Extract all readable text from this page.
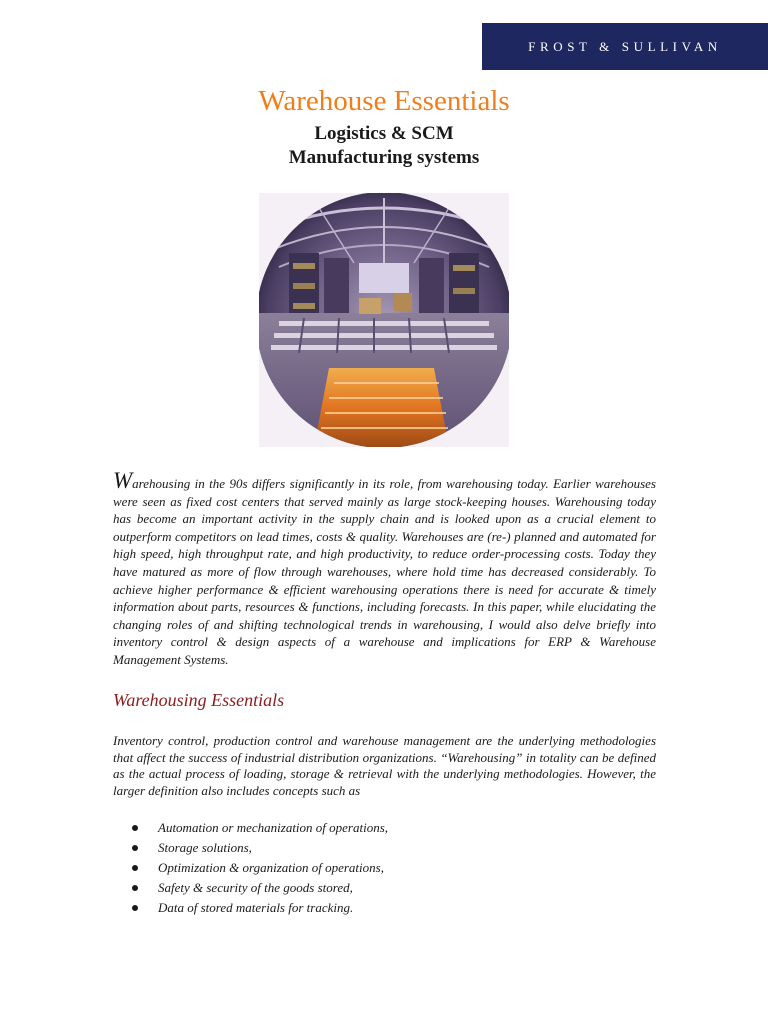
FROST & SULLIVAN
Warehouse Essentials
Logistics & SCM
Manufacturing systems

Warehousing in the 90s differs significantly in its role, from warehousing today. Earlier warehouses were seen as fixed cost centers that served mainly as large stock-keeping houses. Warehousing today has become an important activity in the supply chain and is looked upon as a crucial element to outperform competitors on lead times, costs & quality. Warehouses are (re-) planned and automated for high speed, high throughput rate, and high productivity, to reduce order-processing costs. Today they have matured as more of flow through warehouses, where hold time has decreased considerably. To achieve higher performance & efficient warehousing operations there is need for accurate & timely information about parts, resources & functions, including forecasts. In this paper, while elucidating the changing roles of and shifting technological trends in warehousing, I would also delve briefly into inventory control & design aspects of a warehouse and implications for ERP & Warehouse Management Systems.

Warehousing Essentials

Inventory control, production control and warehouse management are the underlying methodologies that affect the success of industrial distribution organizations. “Warehousing” in totality can be defined as the actual process of loading, storage & retrieval with the underlying methodologies. However, the larger definition also includes concepts such as

Automation or mechanization of operations,
Storage solutions,
Optimization & organization of operations,
Safety & security of the goods stored,
Data of stored materials for tracking.
